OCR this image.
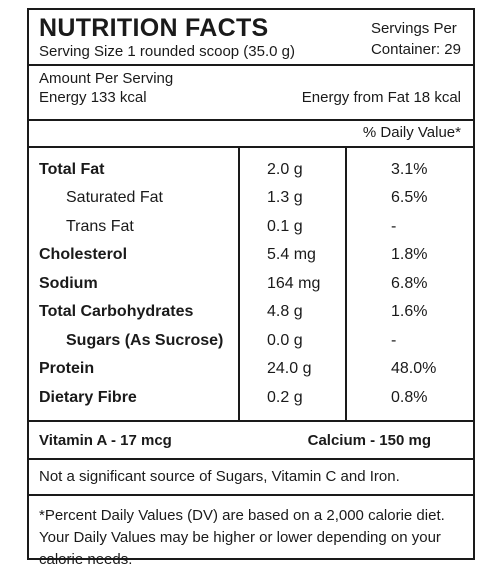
NUTRITION FACTS
Serving Size 1 rounded scoop (35.0 g)
Servings Per
Container: 29
Amount Per Serving
Energy 133 kcal	Energy from Fat 18 kcal
% Daily Value*
Total Fat	2.0 g	3.1%
Saturated Fat	1.3 g	6.5%
Trans Fat	0.1 g	-
Cholesterol	5.4 mg	1.8%
Sodium	164 mg	6.8%
Total Carbohydrates	4.8 g	1.6%
Sugars (As Sucrose)	0.0 g	-
Protein	24.0 g	48.0%
Dietary Fibre	0.2 g	0.8%
Vitamin A - 17 mcg	Calcium - 150 mg
Not a significant source of Sugars, Vitamin C and Iron.
*Percent Daily Values (DV) are based on a 2,000 calorie diet. Your Daily Values may be higher or lower depending on your calorie needs.
